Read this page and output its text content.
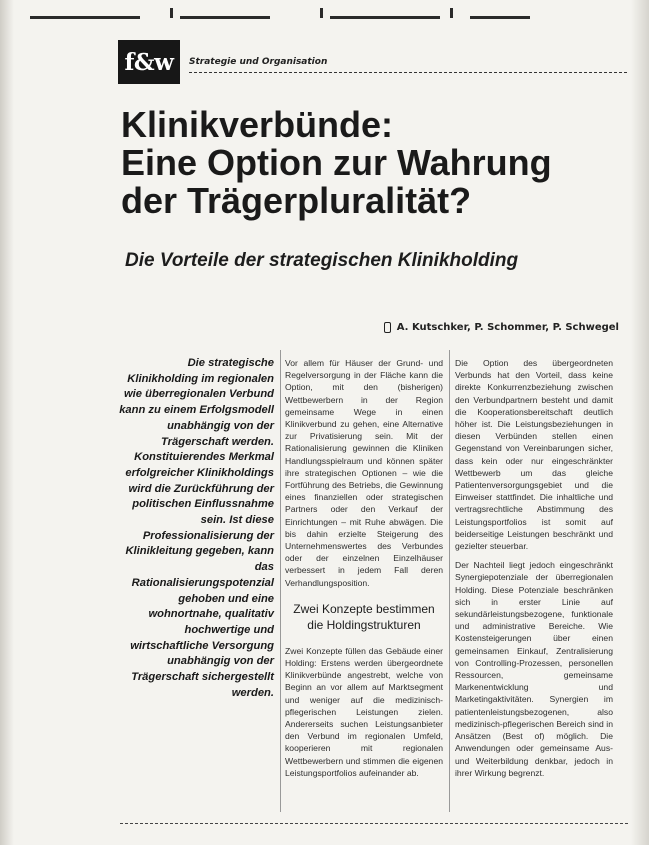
f&w	Strategie und Organisation
Klinikverbünde:
Eine Option zur Wahrung
der Trägerpluralität?
Die Vorteile der strategischen Klinikholding
A. Kutschker, P. Schommer, P. Schwegel

Die strategische Klinikholding im regionalen wie überregionalen Verbund kann zu einem Erfolgsmodell unabhängig von der Trägerschaft werden. Konstituierendes Merkmal erfolgreicher Klinikholdings wird die Zurückführung der politischen Einflussnahme sein. Ist diese Professionalisierung der Klinikleitung gegeben, kann das Rationalisierungspotenzial gehoben und eine wohnortnahe, qualitativ hochwertige und wirtschaftliche Versorgung unabhängig von der Trägerschaft sichergestellt werden.

Vor allem für Häuser der Grund- und Regelversorgung in der Fläche kann die Option, mit den (bisherigen) Wettbewerbern in der Region gemeinsame Wege in einen Klinikverbund zu gehen, eine Alternative zur Privatisierung sein. Mit der Rationalisierung gewinnen die Kliniken Handlungsspielraum und können später ihre strategischen Optionen – wie die Fortführung des Betriebs, die Gewinnung eines finanziellen oder strategischen Partners oder den Verkauf der Einrichtungen – mit Ruhe abwägen. Die bis dahin erzielte Steigerung des Unternehmenswertes des Verbundes oder der einzelnen Einzelhäuser verbessert in jedem Fall deren Verhandlungsposition.

Zwei Konzepte bestimmen die Holdingstrukturen

Zwei Konzepte füllen das Gebäude einer Holding: Erstens werden übergeordnete Klinikverbünde angestrebt, welche von Beginn an vor allem auf Marktsegment und weniger auf die medizinisch-pflegerischen Leistungen zielen. Andererseits suchen Leistungsanbieter den Verbund im regionalen Umfeld, kooperieren mit regionalen Wettbewerbern und stimmen die eigenen Leistungsportfolios aufeinander ab.

Die Option des übergeordneten Verbunds hat den Vorteil, dass keine direkte Konkurrenzbeziehung zwischen den Verbundpartnern besteht und damit die Kooperationsbereitschaft deutlich höher ist. Die Leistungsbeziehungen in diesen Verbünden stellen einen Gegenstand von Vereinbarungen sicher, dass kein oder nur eingeschränkter Wettbewerb um das gleiche Patientenversorgungsgebiet und die Einweiser stattfindet. Die inhaltliche und vertragsrechtliche Abstimmung des Leistungsportfolios ist somit auf beiderseitige Leistungen beschränkt und gezielter steuerbar.

Der Nachteil liegt jedoch eingeschränkt Synergiepotenziale der überregionalen Holding. Diese Potenziale beschränken sich in erster Linie auf sekundärleistungsbezogene, funktionale und administrative Bereiche. Wie Kostensteigerungen über einen gemeinsamen Einkauf, Zentralisierung von Controlling-Prozessen, personellen Ressourcen, gemeinsame Markenentwicklung und Marketingaktivitäten. Synergien im patientenleistungsbezogenen, also medizinisch-pflegerischen Bereich sind in Ansätzen (Best of) möglich. Die Anwendungen oder gemeinsame Aus- und Weiterbildung denkbar, jedoch in ihrer Wirkung begrenzt.
